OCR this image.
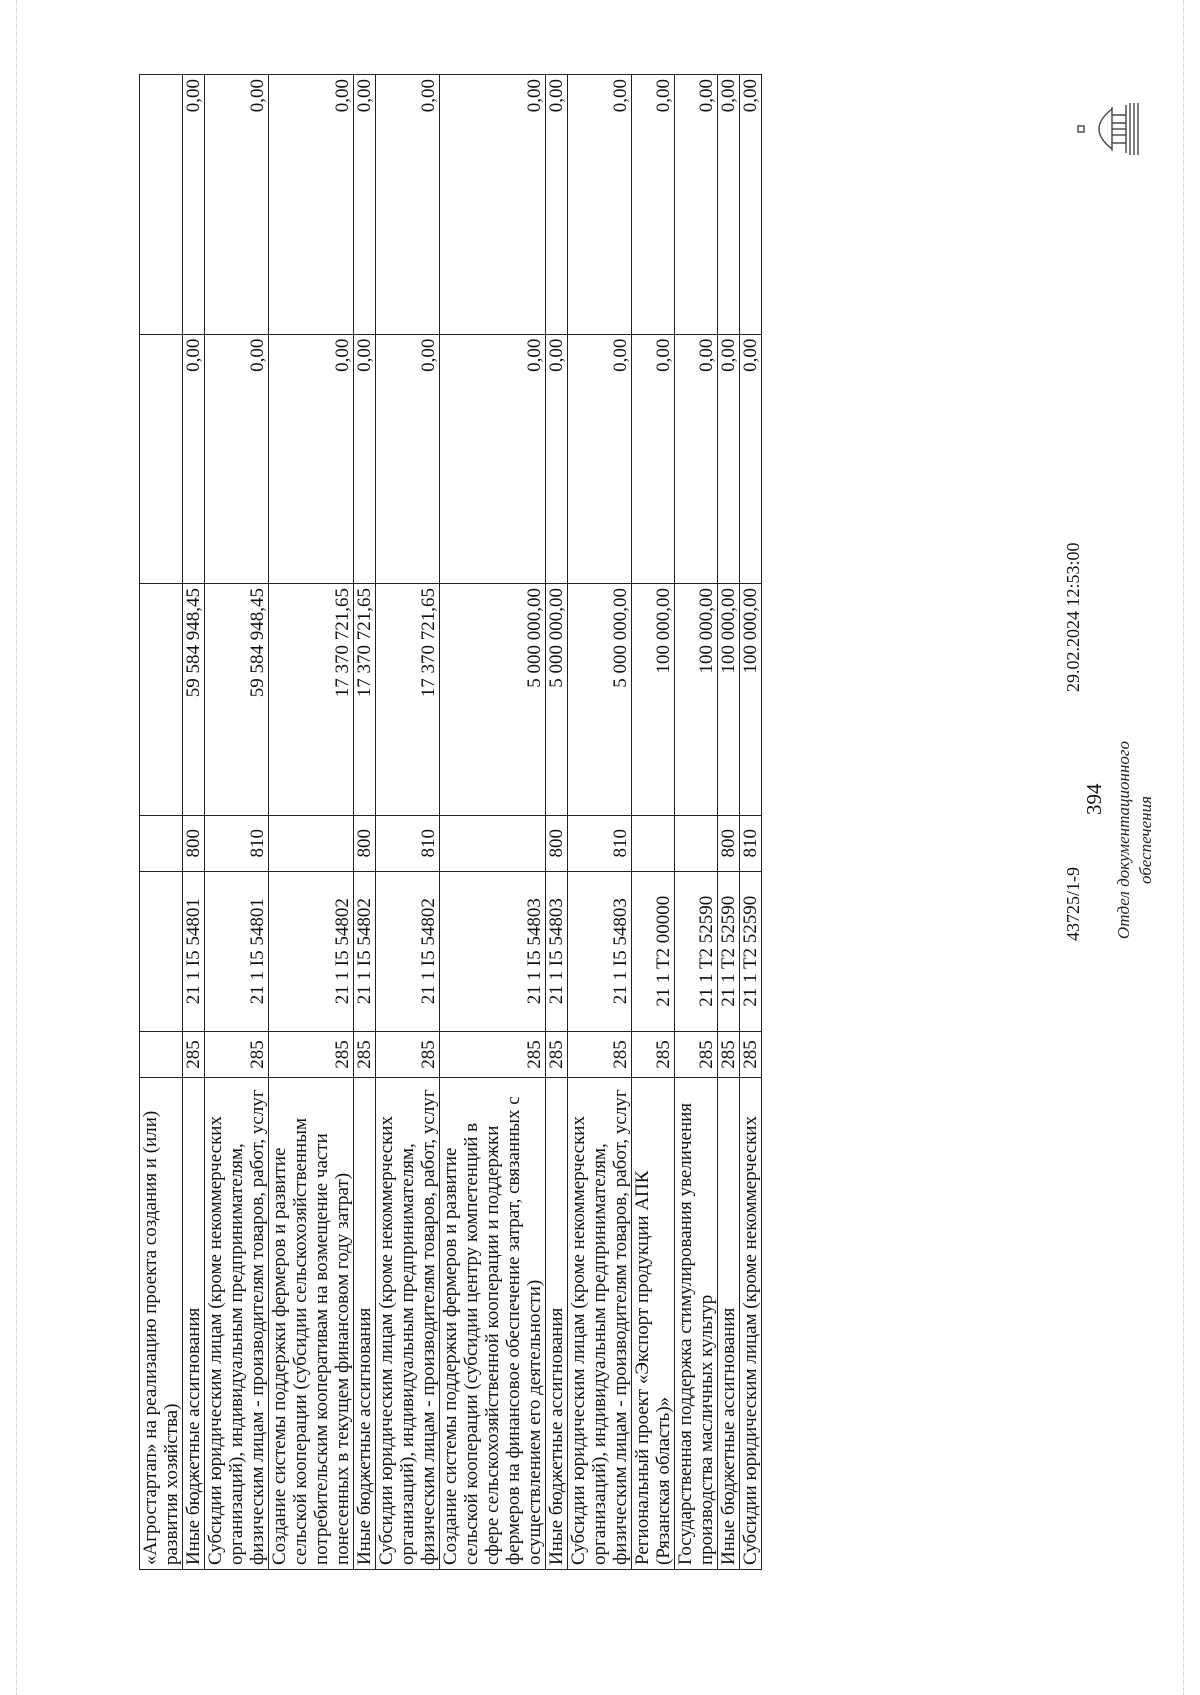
394
«Агростартап» на реализацию проекта создания и (или) развития хозяйства)						
Иные бюджетные ассигнования	285	21 1 I5 54801	800	59 584 948,45	0,00	0,00
Субсидии юридическим лицам (кроме некоммерческих организаций), индивидуальным предпринимателям, физическим лицам - производителям товаров, работ, услуг	285	21 1 I5 54801	810	59 584 948,45	0,00	0,00
Создание системы поддержки фермеров и развитие сельской кооперации (субсидии сельскохозяйственным потребительским кооперативам на возмещение части понесенных в текущем финансовом году затрат)	285	21 1 I5 54802		17 370 721,65	0,00	0,00
Иные бюджетные ассигнования	285	21 1 I5 54802	800	17 370 721,65	0,00	0,00
Субсидии юридическим лицам (кроме некоммерческих организаций), индивидуальным предпринимателям, физическим лицам - производителям товаров, работ, услуг	285	21 1 I5 54802	810	17 370 721,65	0,00	0,00
Создание системы поддержки фермеров и развитие сельской кооперации (субсидии центру компетенций в сфере сельскохозяйственной кооперации и поддержки фермеров на финансовое обеспечение затрат, связанных с осуществлением его деятельности)	285	21 1 I5 54803		5 000 000,00	0,00	0,00
Иные бюджетные ассигнования	285	21 1 I5 54803	800	5 000 000,00	0,00	0,00
Субсидии юридическим лицам (кроме некоммерческих организаций), индивидуальным предпринимателям, физическим лицам - производителям товаров, работ, услуг	285	21 1 I5 54803	810	5 000 000,00	0,00	0,00
Региональный проект «Экспорт продукции АПК (Рязанская область)»	285	21 1 T2 00000		100 000,00	0,00	0,00
Государственная поддержка стимулирования увеличения производства масличных культур	285	21 1 T2 52590		100 000,00	0,00	0,00
Иные бюджетные ассигнования	285	21 1 T2 52590	800	100 000,00	0,00	0,00
Субсидии юридическим лицам (кроме некоммерческих	285	21 1 T2 52590	810	100 000,00	0,00	0,00
Отдел документационного обеспечения
29.02.2024 12:53:00
43725/1-9
